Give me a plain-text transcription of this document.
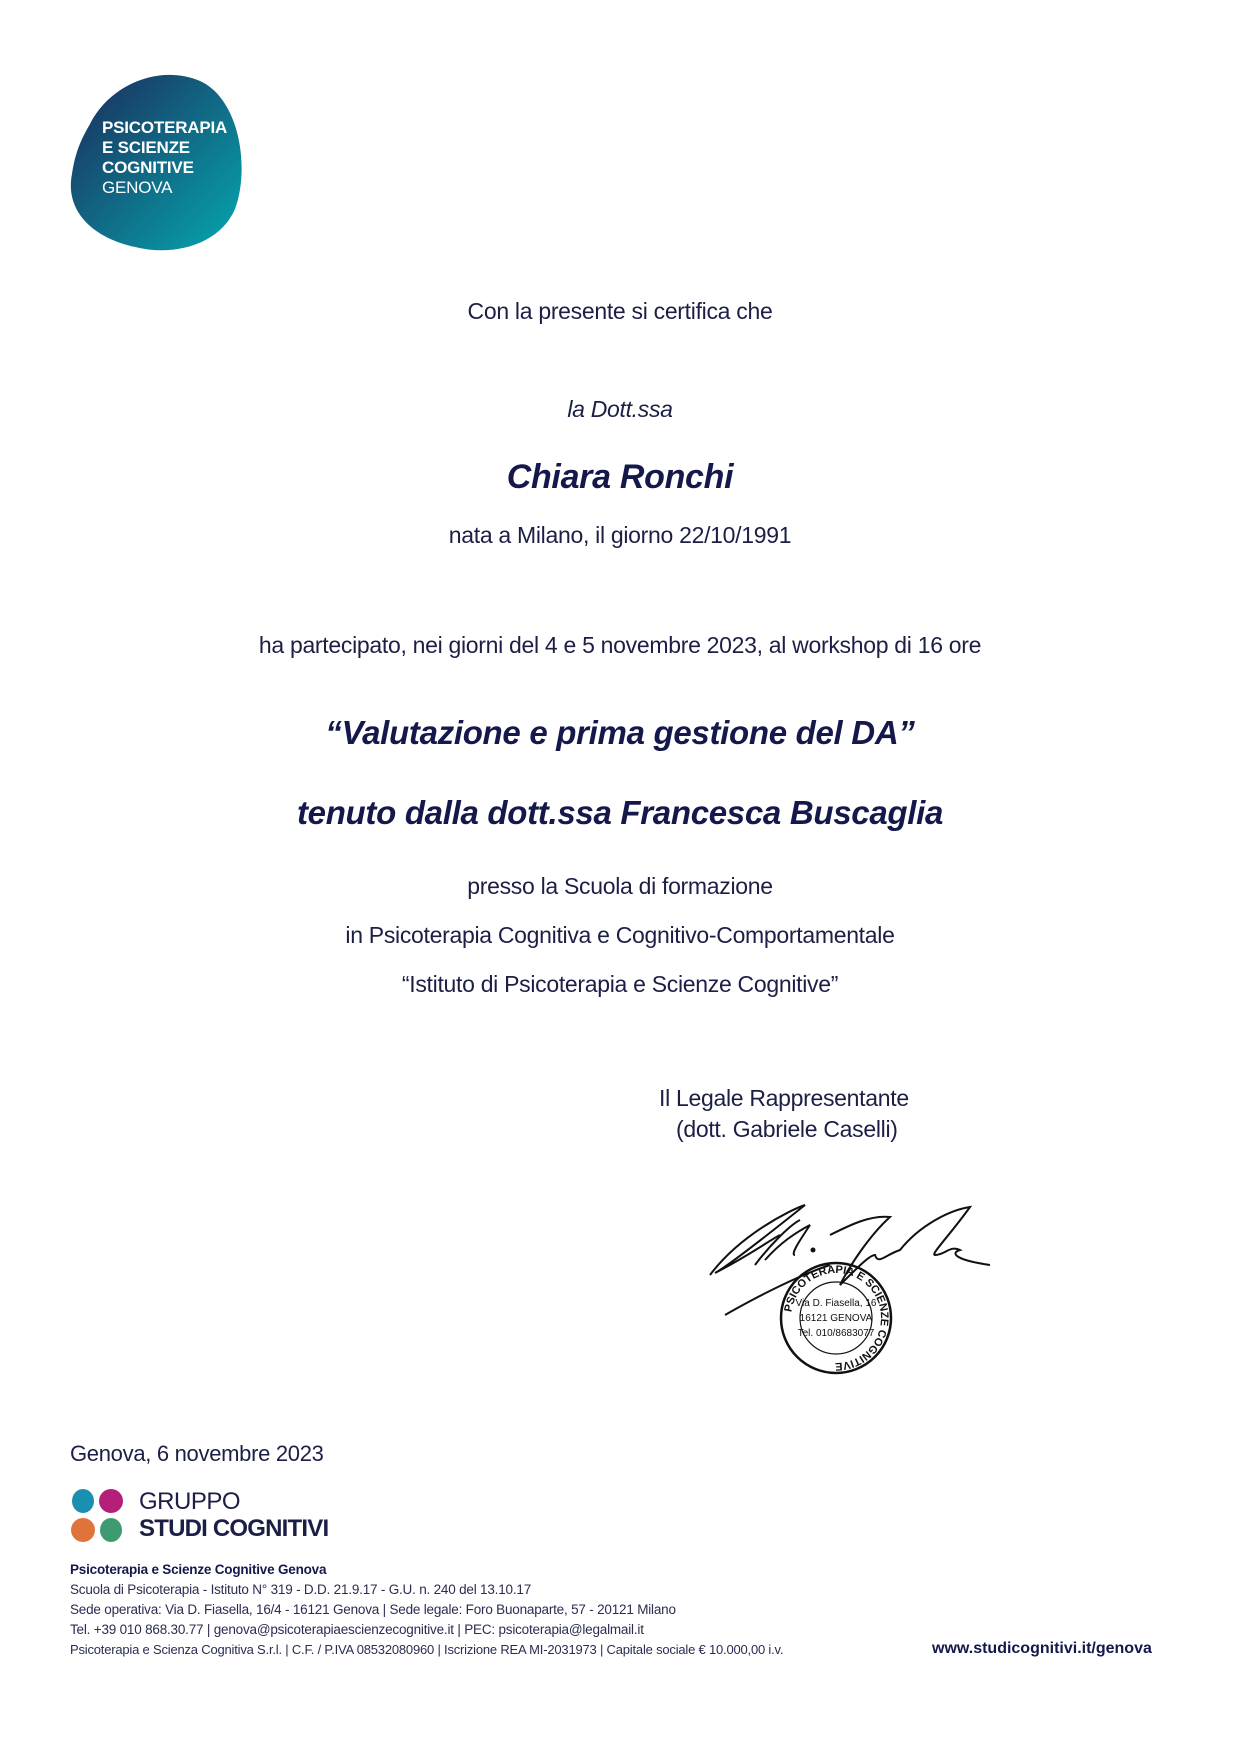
PSICOTERAPIA
E SCIENZE
COGNITIVE
GENOVA
Con la presente si certifica che
la Dott.ssa
Chiara Ronchi
nata a Milano, il giorno 22/10/1991
ha partecipato, nei giorni del 4 e 5 novembre 2023, al workshop di 16 ore
“Valutazione e prima gestione del DA”
tenuto dalla dott.ssa Francesca Buscaglia
presso la Scuola di formazione
in Psicoterapia Cognitiva e Cognitivo-Comportamentale
“Istituto di Psicoterapia e Scienze Cognitive”
Il Legale Rappresentante
(dott. Gabriele Caselli)
PSICOTERAPIA E SCIENZE COGNITIVE
Via D. Fiasella, 16
16121 GENOVA
Tel. 010/8683077
Genova, 6 novembre 2023
GRUPPO
STUDI COGNITIVI
Psicoterapia e Scienze Cognitive Genova
Scuola di Psicoterapia - Istituto N° 319 - D.D. 21.9.17 - G.U. n. 240 del 13.10.17
Sede operativa: Via D. Fiasella, 16/4 - 16121 Genova | Sede legale: Foro Buonaparte, 57 - 20121 Milano
Tel. +39 010 868.30.77 | genova@psicoterapiaescienzecognitive.it | PEC: psicoterapia@legalmail.it
Psicoterapia e Scienza Cognitiva S.r.l. | C.F. / P.IVA 08532080960 | Iscrizione REA MI-2031973 | Capitale sociale € 10.000,00 i.v.	www.studicognitivi.it/genova
